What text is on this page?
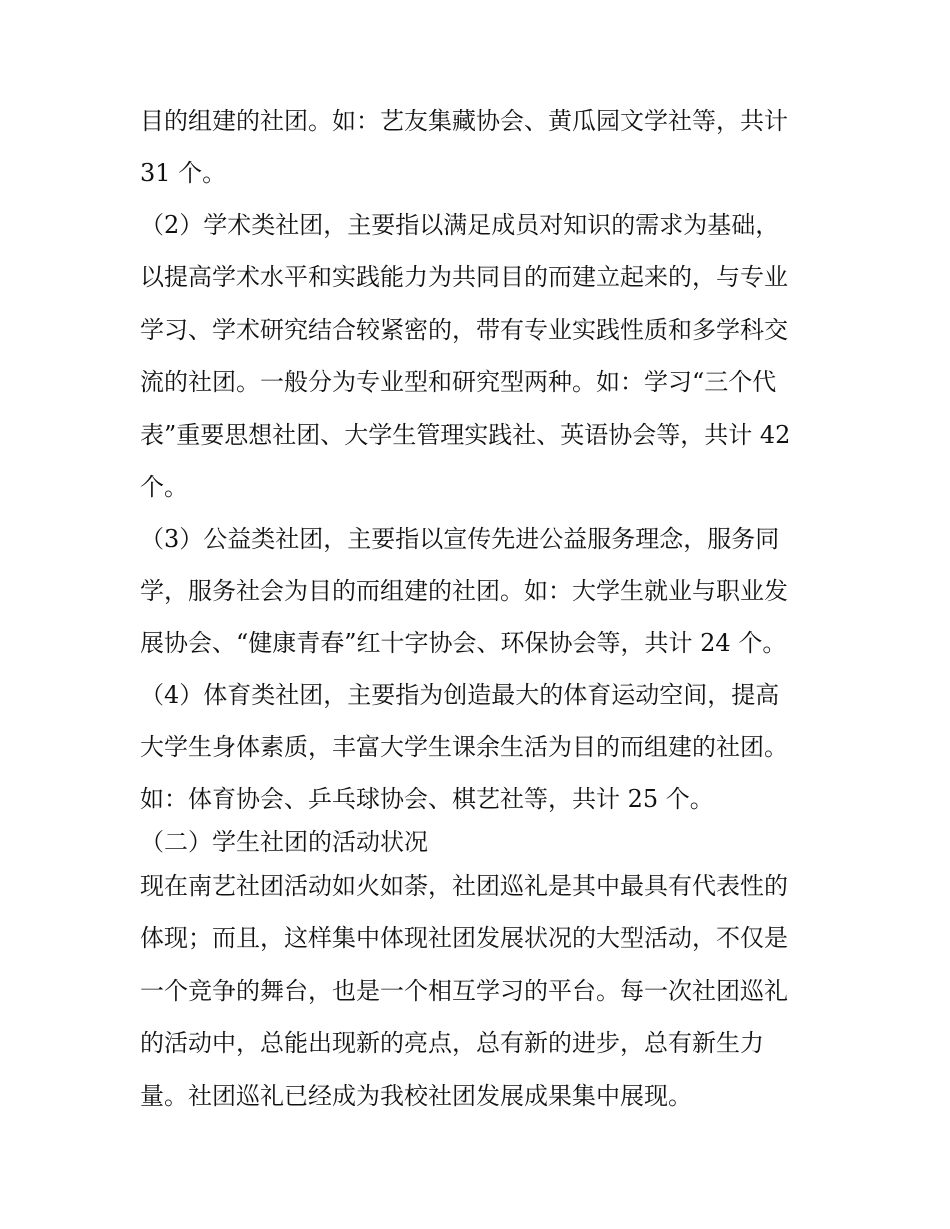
目的组建的社团。如：艺友集藏协会、黄瓜园文学社等，共计
31 个。
（2）学术类社团，主要指以满足成员对知识的需求为基础，
以提高学术水平和实践能力为共同目的而建立起来的，与专业
学习、学术研究结合较紧密的，带有专业实践性质和多学科交
流的社团。一般分为专业型和研究型两种。如：学习“三个代
表”重要思想社团、大学生管理实践社、英语协会等，共计 42
个。
（3）公益类社团，主要指以宣传先进公益服务理念，服务同
学，服务社会为目的而组建的社团。如：大学生就业与职业发
展协会、“健康青春”红十字协会、环保协会等，共计 24 个。
（4）体育类社团，主要指为创造最大的体育运动空间，提高
大学生身体素质，丰富大学生课余生活为目的而组建的社团。
如：体育协会、乒乓球协会、棋艺社等，共计 25 个。
（二）学生社团的活动状况
现在南艺社团活动如火如荼，社团巡礼是其中最具有代表性的
体现；而且，这样集中体现社团发展状况的大型活动，不仅是
一个竞争的舞台，也是一个相互学习的平台。每一次社团巡礼
的活动中，总能出现新的亮点，总有新的进步，总有新生力
量。社团巡礼已经成为我校社团发展成果集中展现。
